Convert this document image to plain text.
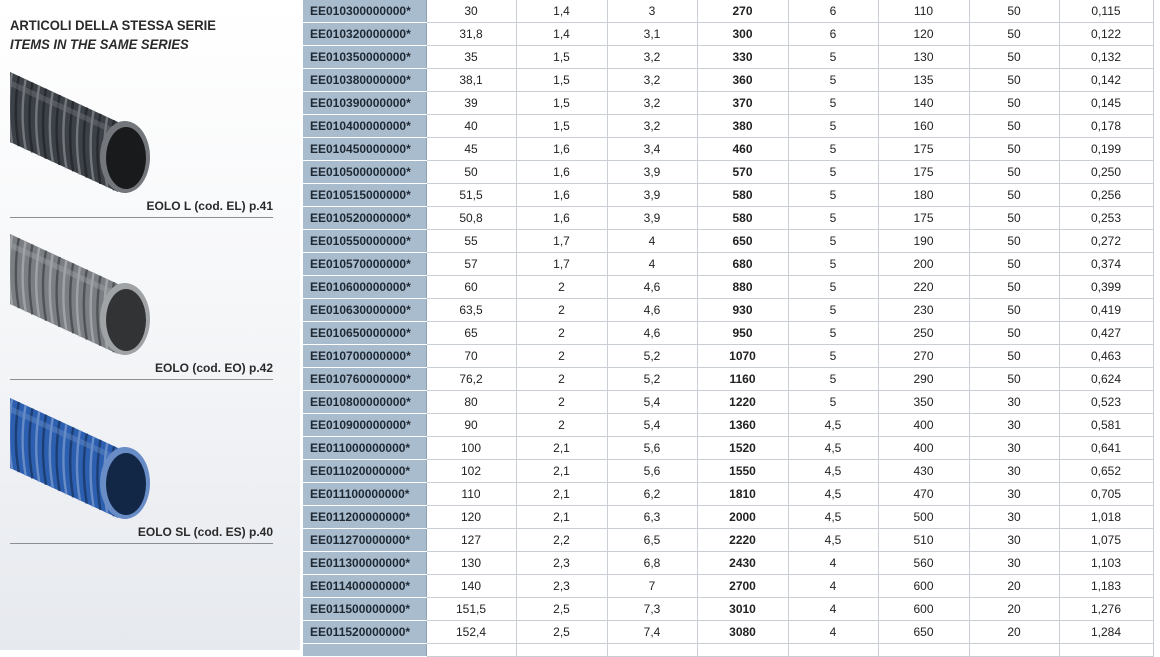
ARTICOLI DELLA STESSA SERIE
ITEMS IN THE SAME SERIES
EOLO L (cod. EL) p.41
EOLO (cod. EO) p.42
EOLO SL (cod. ES) p.40
EE010300000000*	30	1,4	3	270	6	110	50	0,115
EE010320000000*	31,8	1,4	3,1	300	6	120	50	0,122
EE010350000000*	35	1,5	3,2	330	5	130	50	0,132
EE010380000000*	38,1	1,5	3,2	360	5	135	50	0,142
EE010390000000*	39	1,5	3,2	370	5	140	50	0,145
EE010400000000*	40	1,5	3,2	380	5	160	50	0,178
EE010450000000*	45	1,6	3,4	460	5	175	50	0,199
EE010500000000*	50	1,6	3,9	570	5	175	50	0,250
EE010515000000*	51,5	1,6	3,9	580	5	180	50	0,256
EE010520000000*	50,8	1,6	3,9	580	5	175	50	0,253
EE010550000000*	55	1,7	4	650	5	190	50	0,272
EE010570000000*	57	1,7	4	680	5	200	50	0,374
EE010600000000*	60	2	4,6	880	5	220	50	0,399
EE010630000000*	63,5	2	4,6	930	5	230	50	0,419
EE010650000000*	65	2	4,6	950	5	250	50	0,427
EE010700000000*	70	2	5,2	1070	5	270	50	0,463
EE010760000000*	76,2	2	5,2	1160	5	290	50	0,624
EE010800000000*	80	2	5,4	1220	5	350	30	0,523
EE010900000000*	90	2	5,4	1360	4,5	400	30	0,581
EE011000000000*	100	2,1	5,6	1520	4,5	400	30	0,641
EE011020000000*	102	2,1	5,6	1550	4,5	430	30	0,652
EE011100000000*	110	2,1	6,2	1810	4,5	470	30	0,705
EE011200000000*	120	2,1	6,3	2000	4,5	500	30	1,018
EE011270000000*	127	2,2	6,5	2220	4,5	510	30	1,075
EE011300000000*	130	2,3	6,8	2430	4	560	30	1,103
EE011400000000*	140	2,3	7	2700	4	600	20	1,183
EE011500000000*	151,5	2,5	7,3	3010	4	600	20	1,276
EE011520000000*	152,4	2,5	7,4	3080	4	650	20	1,284
